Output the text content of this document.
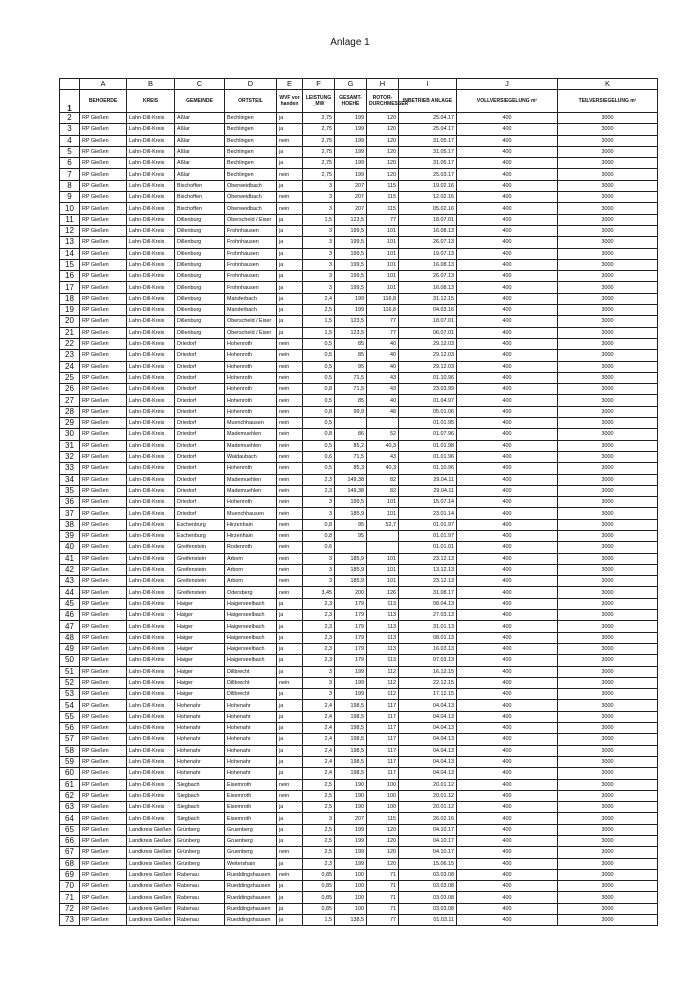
Anlage 1
	A	B	C	D	E	F	G	H	I	J	K
1	BEHOERDE	KREIS	GEMEINDE	ORTSTEIL	WVF vor handen	LEISTUNG _MW	GESAMT-HOEHE	ROTOR-DURCHMESSER	INBETRIEB ANLAGE	VOLLVERSIEGELUNG m²	TEILVERSIEGELUNG m²
2	RP Gießen	Lahn-Dill-Kreis	Aßlar	Bechlingen	ja	2,75	199	120	25.04.17	400	3000
3	RP Gießen	Lahn-Dill-Kreis	Aßlar	Bechlingen	ja	2,75	199	120	25.04.17	400	3000
4	RP Gießen	Lahn-Dill-Kreis	Aßlar	Bechlingen	nein	2,75	199	120	31.05.17	400	3000
5	RP Gießen	Lahn-Dill-Kreis	Aßlar	Bechlingen	ja	2,75	199	120	31.05.17	400	3000
6	RP Gießen	Lahn-Dill-Kreis	Aßlar	Bechlingen	ja	2,75	199	120	31.05.17	400	3000
7	RP Gießen	Lahn-Dill-Kreis	Aßlar	Bechlingen	nein	2,75	199	120	25.03.17	400	3000
8	RP Gießen	Lahn-Dill-Kreis	Bischoffen	Oberweidbach	ja	3	207	115	19.02.16	400	3000
9	RP Gießen	Lahn-Dill-Kreis	Bischoffen	Oberweidbach	nein	3	207	115	12.02.16	400	3000
10	RP Gießen	Lahn-Dill-Kreis	Bischoffen	Oberweidbach	nein	3	207	115	05.02.16	400	3000
11	RP Gießen	Lahn-Dill-Kreis	Dillenburg	Oberscheld / Eiser	ja	1,5	123,5	77	18.07.01	400	3000
12	RP Gießen	Lahn-Dill-Kreis	Dillenburg	Frohnhausen	ja	3	199,5	101	16.08.13	400	3000
13	RP Gießen	Lahn-Dill-Kreis	Dillenburg	Frohnhausen	ja	3	199,5	101	26.07.13	400	3000
14	RP Gießen	Lahn-Dill-Kreis	Dillenburg	Frohnhausen	ja	3	199,5	101	19.07.13	400	3000
15	RP Gießen	Lahn-Dill-Kreis	Dillenburg	Frohnhausen	ja	3	199,5	101	16.08.13	400	3000
16	RP Gießen	Lahn-Dill-Kreis	Dillenburg	Frohnhausen	ja	3	199,5	101	26.07.13	400	3000
17	RP Gießen	Lahn-Dill-Kreis	Dillenburg	Frohnhausen	ja	3	199,5	101	16.08.13	400	3000
18	RP Gießen	Lahn-Dill-Kreis	Dillenburg	Manderbach	ja	2,4	199	116,8	31.12.15	400	3000
19	RP Gießen	Lahn-Dill-Kreis	Dillenburg	Manderbach	ja	2,5	199	116,8	04.03.16	400	3000
20	RP Gießen	Lahn-Dill-Kreis	Dillenburg	Oberscheld / Eiser	ja	1,5	123,5	77	18.07.01	400	3000
21	RP Gießen	Lahn-Dill-Kreis	Dillenburg	Oberscheld / Eiser	ja	1,5	123,5	77	06.07.01	400	3000
22	RP Gießen	Lahn-Dill-Kreis	Driedorf	Hohenroth	nein	0,5	85	40	29.12.03	400	3000
23	RP Gießen	Lahn-Dill-Kreis	Driedorf	Hohenroth	nein	0,5	85	40	29.12.03	400	3000
24	RP Gießen	Lahn-Dill-Kreis	Driedorf	Hohenroth	nein	0,5	95	40	29.12.03	400	3000
25	RP Gießen	Lahn-Dill-Kreis	Driedorf	Hohenroth	nein	0,5	71,5	43	01.10.96	400	3000
26	RP Gießen	Lahn-Dill-Kreis	Driedorf	Hohenroth	nein	0,8	71,5	43	23.03.99	400	3000
27	RP Gießen	Lahn-Dill-Kreis	Driedorf	Hohenroth	nein	0,5	85	40	01.04.97	400	3000
28	RP Gießen	Lahn-Dill-Kreis	Driedorf	Hohenroth	nein	0,8	99,9	48	05.01.06	400	3000
29	RP Gießen	Lahn-Dill-Kreis	Driedorf	Muenchhausen	nein	0,5			01.01.95	400	3000
30	RP Gießen	Lahn-Dill-Kreis	Driedorf	Mademuehlen	nein	0,8	86	52	01.07.96	400	3000
31	RP Gießen	Lahn-Dill-Kreis	Driedorf	Mademuehlen	nein	0,5	85,2	40,3	01.01.98	400	3000
32	RP Gießen	Lahn-Dill-Kreis	Driedorf	Waldaubach	nein	0,6	71,5	43	01.01.96	400	3000
33	RP Gießen	Lahn-Dill-Kreis	Driedorf	Hohenroth	nein	0,5	85,3	40,3	01.10.96	400	3000
34	RP Gießen	Lahn-Dill-Kreis	Driedorf	Mademuehlen	nein	2,3	149,38	82	29.04.11	400	3000
35	RP Gießen	Lahn-Dill-Kreis	Driedorf	Mademuehlen	nein	2,3	149,38	82	29.04.11	400	3000
36	RP Gießen	Lahn-Dill-Kreis	Driedorf	Hohenroth	nein	3	199,5	101	15.07.14	400	3000
37	RP Gießen	Lahn-Dill-Kreis	Driedorf	Muenchhausen	nein	3	185,9	101	23.01.14	400	3000
38	RP Gießen	Lahn-Dill-Kreis	Eschenburg	Hirzenhain	nein	0,8	95	52,7	01.01.97	400	3000
39	RP Gießen	Lahn-Dill-Kreis	Eschenburg	Hirzenhain	nein	0,8	95		01.01.97	400	3000
40	RP Gießen	Lahn-Dill-Kreis	Greifenstein	Rodenroth	nein	0,6			01.01.01	400	3000
41	RP Gießen	Lahn-Dill-Kreis	Greifenstein	Arborn	nein	3	185,9	101	23.12.13	400	3000
42	RP Gießen	Lahn-Dill-Kreis	Greifenstein	Arborn	nein	3	185,9	101	13.12.13	400	3000
43	RP Gießen	Lahn-Dill-Kreis	Greifenstein	Arborn	nein	3	185,9	101	23.12.13	400	3000
44	RP Gießen	Lahn-Dill-Kreis	Greifenstein	Odersberg	nein	3,45	200	126	31.08.17	400	3000
45	RP Gießen	Lahn-Dill-Kreis	Haiger	Haigerseelbach	ja	2,3	179	113	08.04.13	400	3000
46	RP Gießen	Lahn-Dill-Kreis	Haiger	Haigerseelbach	ja	2,3	179	113	27.03.13	400	3000
47	RP Gießen	Lahn-Dill-Kreis	Haiger	Haigerseelbach	ja	2,3	179	113	31.01.13	400	3000
48	RP Gießen	Lahn-Dill-Kreis	Haiger	Haigerseelbach	ja	2,3	179	113	08.01.13	400	3000
49	RP Gießen	Lahn-Dill-Kreis	Haiger	Haigerseelbach	ja	2,3	179	113	16.03.13	400	3000
50	RP Gießen	Lahn-Dill-Kreis	Haiger	Haigerseelbach	ja	2,3	179	113	07.03.13	400	3000
51	RP Gießen	Lahn-Dill-Kreis	Haiger	Dillbrecht	ja	3	199	112	16.12.15	400	3000
52	RP Gießen	Lahn-Dill-Kreis	Haiger	Dillbrecht	nein	3	199	112	22.12.15	400	3000
53	RP Gießen	Lahn-Dill-Kreis	Haiger	Dillbrecht	ja	3	199	112	17.12.15	400	3000
54	RP Gießen	Lahn-Dill-Kreis	Hohenahr	Hohenahr	ja	2,4	198,5	117	04.04.13	400	3000
55	RP Gießen	Lahn-Dill-Kreis	Hohenahr	Hohenahr	ja	2,4	198,5	117	04.04.13	400	3000
56	RP Gießen	Lahn-Dill-Kreis	Hohenahr	Hohenahr	ja	2,4	198,5	117	04.04.13	400	3000
57	RP Gießen	Lahn-Dill-Kreis	Hohenahr	Hohenahr	ja	2,4	198,5	117	04.04.13	400	3000
58	RP Gießen	Lahn-Dill-Kreis	Hohenahr	Hohenahr	ja	2,4	198,5	117	04.04.13	400	3000
59	RP Gießen	Lahn-Dill-Kreis	Hohenahr	Hohenahr	ja	2,4	198,5	117	04.04.13	400	3000
60	RP Gießen	Lahn-Dill-Kreis	Hohenahr	Hohenahr	ja	2,4	198,5	117	04.04.13	400	3000
61	RP Gießen	Lahn-Dill-Kreis	Siegbach	Eisemroth	nein	2,5	190	100	20.01.12	400	3000
62	RP Gießen	Lahn-Dill-Kreis	Siegbach	Eisemroth	nein	2,5	190	100	20.01.12	400	3000
63	RP Gießen	Lahn-Dill-Kreis	Siegbach	Eisemroth	ja	2,5	190	100	20.01.12	400	3000
64	RP Gießen	Lahn-Dill-Kreis	Siegbach	Eisemroth	ja	3	207	115	26.02.16	400	3000
65	RP Gießen	Landkreis Gießen	Grünberg	Gruenberg	ja	2,5	199	120	04.10.17	400	3000
66	RP Gießen	Landkreis Gießen	Grünberg	Gruenberg	ja	2,5	199	120	04.10.17	400	3000
67	RP Gießen	Landkreis Gießen	Grünberg	Gruenberg	nein	2,5	199	120	04.10.17	400	3000
68	RP Gießen	Landkreis Gießen	Grünberg	Weitershain	ja	2,3	199	120	15.06.15	400	3000
69	RP Gießen	Landkreis Gießen	Rabenau	Rueddingshausen	nein	0,85	100	71	03.03.08	400	3000
70	RP Gießen	Landkreis Gießen	Rabenau	Rueddingshausen	ja	0,85	100	71	03.03.08	400	3000
71	RP Gießen	Landkreis Gießen	Rabenau	Rueddingshausen	ja	0,85	100	71	03.03.08	400	3000
72	RP Gießen	Landkreis Gießen	Rabenau	Rueddingshausen	ja	0,85	100	71	03.03.08	400	3000
73	RP Gießen	Landkreis Gießen	Rabenau	Rueddingshausen	ja	1,5	138,5	77	01.03.11	400	3000
